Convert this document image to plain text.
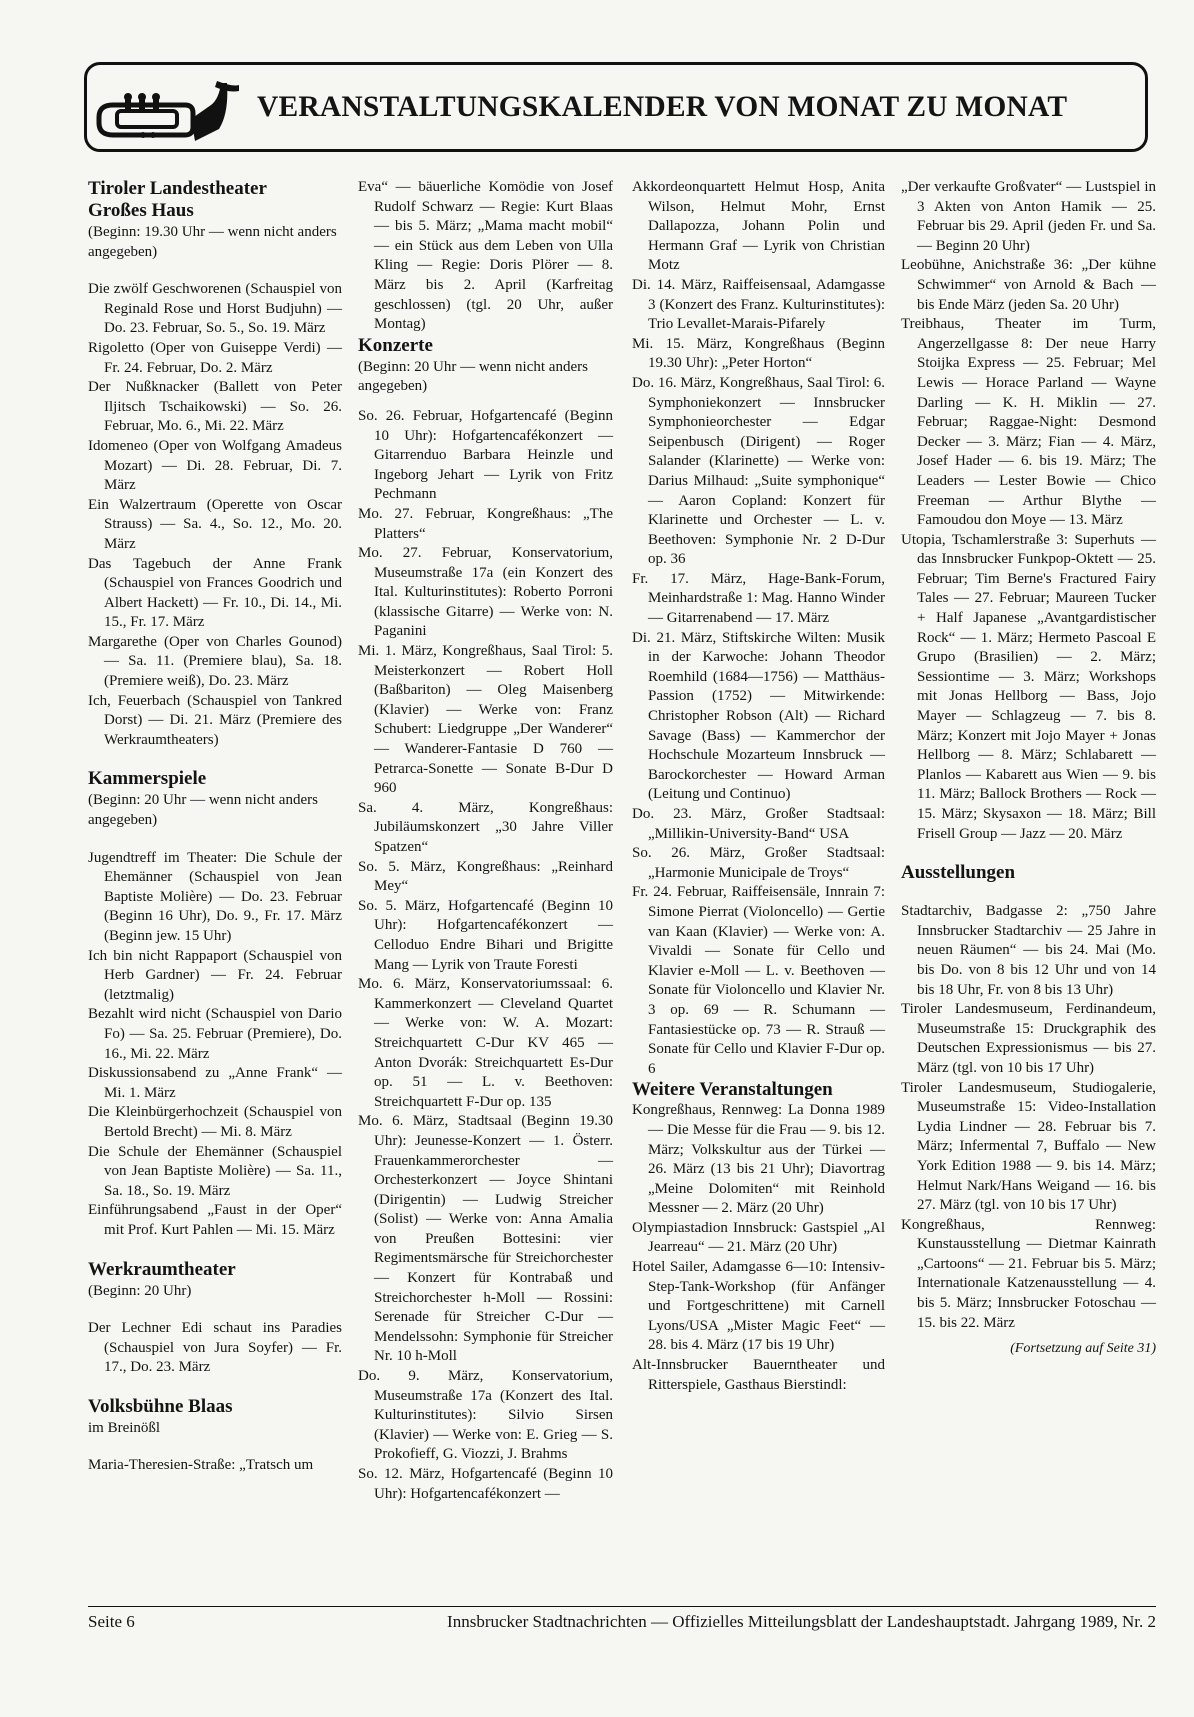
VERANSTALTUNGSKALENDER VON MONAT ZU MONAT

Tiroler Landestheater

Großes Haus

(Beginn: 19.30 Uhr — wenn nicht anders angegeben)

Die zwölf Geschworenen (Schauspiel von Reginald Rose und Horst Budjuhn) — Do. 23. Februar, So. 5., So. 19. März

Rigoletto (Oper von Guiseppe Verdi) — Fr. 24. Februar, Do. 2. März

Der Nußknacker (Ballett von Peter Iljitsch Tschaikowski) — So. 26. Februar, Mo. 6., Mi. 22. März

Idomeneo (Oper von Wolfgang Amadeus Mozart) — Di. 28. Februar, Di. 7. März

Ein Walzertraum (Operette von Oscar Strauss) — Sa. 4., So. 12., Mo. 20. März

Das Tagebuch der Anne Frank (Schauspiel von Frances Goodrich und Albert Hackett) — Fr. 10., Di. 14., Mi. 15., Fr. 17. März

Margarethe (Oper von Charles Gounod) — Sa. 11. (Premiere blau), Sa. 18. (Premiere weiß), Do. 23. März

Ich, Feuerbach (Schauspiel von Tankred Dorst) — Di. 21. März (Premiere des Werkraumtheaters)

Kammerspiele

(Beginn: 20 Uhr — wenn nicht anders angegeben)

Jugendtreff im Theater: Die Schule der Ehemänner (Schauspiel von Jean Baptiste Molière) — Do. 23. Februar (Beginn 16 Uhr), Do. 9., Fr. 17. März (Beginn jew. 15 Uhr)

Ich bin nicht Rappaport (Schauspiel von Herb Gardner) — Fr. 24. Februar (letztmalig)

Bezahlt wird nicht (Schauspiel von Dario Fo) — Sa. 25. Februar (Premiere), Do. 16., Mi. 22. März

Diskussionsabend zu „Anne Frank“ — Mi. 1. März

Die Kleinbürgerhochzeit (Schauspiel von Bertold Brecht) — Mi. 8. März

Die Schule der Ehemänner (Schauspiel von Jean Baptiste Molière) — Sa. 11., Sa. 18., So. 19. März

Einführungsabend „Faust in der Oper“ mit Prof. Kurt Pahlen — Mi. 15. März

Werkraumtheater

(Beginn: 20 Uhr)

Der Lechner Edi schaut ins Paradies (Schauspiel von Jura Soyfer) — Fr. 17., Do. 23. März

Volksbühne Blaas

im Breinößl

Maria-Theresien-Straße: „Tratsch um

Eva“ — bäuerliche Komödie von Josef Rudolf Schwarz — Regie: Kurt Blaas — bis 5. März; „Mama macht mobil“ — ein Stück aus dem Leben von Ulla Kling — Regie: Doris Plörer — 8. März bis 2. April (Karfreitag geschlossen) (tgl. 20 Uhr, außer Montag)

Konzerte

(Beginn: 20 Uhr — wenn nicht anders angegeben)

So. 26. Februar, Hofgartencafé (Beginn 10 Uhr): Hofgartencafékonzert — Gitarrenduo Barbara Heinzle und Ingeborg Jehart — Lyrik von Fritz Pechmann

Mo. 27. Februar, Kongreßhaus: „The Platters“

Mo. 27. Februar, Konservatorium, Museumstraße 17a (ein Konzert des Ital. Kulturinstitutes): Roberto Porroni (klassische Gitarre) — Werke von: N. Paganini

Mi. 1. März, Kongreßhaus, Saal Tirol: 5. Meisterkonzert — Robert Holl (Baßbariton) — Oleg Maisenberg (Klavier) — Werke von: Franz Schubert: Liedgruppe „Der Wanderer“ — Wanderer-Fantasie D 760 — Petrarca-Sonette — Sonate B-Dur D 960

Sa. 4. März, Kongreßhaus: Jubiläumskonzert „30 Jahre Viller Spatzen“

So. 5. März, Kongreßhaus: „Reinhard Mey“

So. 5. März, Hofgartencafé (Beginn 10 Uhr): Hofgartencafékonzert — Celloduo Endre Bihari und Brigitte Mang — Lyrik von Traute Foresti

Mo. 6. März, Konservatoriumssaal: 6. Kammerkonzert — Cleveland Quartet — Werke von: W. A. Mozart: Streichquartett C-Dur KV 465 — Anton Dvorák: Streichquartett Es-Dur op. 51 — L. v. Beethoven: Streichquartett F-Dur op. 135

Mo. 6. März, Stadtsaal (Beginn 19.30 Uhr): Jeunesse-Konzert — 1. Österr. Frauenkammerorchester — Orchesterkonzert — Joyce Shintani (Dirigentin) — Ludwig Streicher (Solist) — Werke von: Anna Amalia von Preußen Bottesini: vier Regimentsmärsche für Streichorchester — Konzert für Kontrabaß und Streichorchester h-Moll — Rossini: Serenade für Streicher C-Dur — Mendelssohn: Symphonie für Streicher Nr. 10 h-Moll

Do. 9. März, Konservatorium, Museumstraße 17a (Konzert des Ital. Kulturinstitutes): Silvio Sirsen (Klavier) — Werke von: E. Grieg — S. Prokofieff, G. Viozzi, J. Brahms

So. 12. März, Hofgartencafé (Beginn 10 Uhr): Hofgartencafékonzert —

Akkordeonquartett Helmut Hosp, Anita Wilson, Helmut Mohr, Ernst Dallapozza, Johann Polin und Hermann Graf — Lyrik von Christian Motz

Di. 14. März, Raiffeisensaal, Adamgasse 3 (Konzert des Franz. Kulturinstitutes): Trio Levallet-Marais-Pifarely

Mi. 15. März, Kongreßhaus (Beginn 19.30 Uhr): „Peter Horton“

Do. 16. März, Kongreßhaus, Saal Tirol: 6. Symphoniekonzert — Innsbrucker Symphonieorchester — Edgar Seipenbusch (Dirigent) — Roger Salander (Klarinette) — Werke von: Darius Milhaud: „Suite symphonique“ — Aaron Copland: Konzert für Klarinette und Orchester — L. v. Beethoven: Symphonie Nr. 2 D-Dur op. 36

Fr. 17. März, Hage-Bank-Forum, Meinhardstraße 1: Mag. Hanno Winder — Gitarrenabend — 17. März

Di. 21. März, Stiftskirche Wilten: Musik in der Karwoche: Johann Theodor Roemhild (1684—1756) — Matthäus-Passion (1752) — Mitwirkende: Christopher Robson (Alt) — Richard Savage (Bass) — Kammerchor der Hochschule Mozarteum Innsbruck — Barockorchester — Howard Arman (Leitung und Continuo)

Do. 23. März, Großer Stadtsaal: „Millikin-University-Band“ USA

So. 26. März, Großer Stadtsaal: „Harmonie Municipale de Troys“

Fr. 24. Februar, Raiffeisensäle, Innrain 7: Simone Pierrat (Violoncello) — Gertie van Kaan (Klavier) — Werke von: A. Vivaldi — Sonate für Cello und Klavier e-Moll — L. v. Beethoven — Sonate für Violoncello und Klavier Nr. 3 op. 69 — R. Schumann — Fantasiestücke op. 73 — R. Strauß — Sonate für Cello und Klavier F-Dur op. 6

Weitere Veranstaltungen

Kongreßhaus, Rennweg: La Donna 1989 — Die Messe für die Frau — 9. bis 12. März; Volkskultur aus der Türkei — 26. März (13 bis 21 Uhr); Diavortrag „Meine Dolomiten“ mit Reinhold Messner — 2. März (20 Uhr)

Olympiastadion Innsbruck: Gastspiel „Al Jearreau“ — 21. März (20 Uhr)

Hotel Sailer, Adamgasse 6—10: Intensiv-Step-Tank-Workshop (für Anfänger und Fortgeschrittene) mit Carnell Lyons/USA „Mister Magic Feet“ — 28. bis 4. März (17 bis 19 Uhr)

Alt-Innsbrucker Bauerntheater und Ritterspiele, Gasthaus Bierstindl:

„Der verkaufte Großvater“ — Lustspiel in 3 Akten von Anton Hamik — 25. Februar bis 29. April (jeden Fr. und Sa. — Beginn 20 Uhr)

Leobühne, Anichstraße 36: „Der kühne Schwimmer“ von Arnold & Bach — bis Ende März (jeden Sa. 20 Uhr)

Treibhaus, Theater im Turm, Angerzellgasse 8: Der neue Harry Stoijka Express — 25. Februar; Mel Lewis — Horace Parland — Wayne Darling — K. H. Miklin — 27. Februar; Raggae-Night: Desmond Decker — 3. März; Fian — 4. März, Josef Hader — 6. bis 19. März; The Leaders — Lester Bowie — Chico Freeman — Arthur Blythe — Famoudou don Moye — 13. März

Utopia, Tschamlerstraße 3: Superhuts — das Innsbrucker Funkpop-Oktett — 25. Februar; Tim Berne's Fractured Fairy Tales — 27. Februar; Maureen Tucker + Half Japanese „Avantgardistischer Rock“ — 1. März; Hermeto Pascoal E Grupo (Brasilien) — 2. März; Sessiontime — 3. März; Workshops mit Jonas Hellborg — Bass, Jojo Mayer — Schlagzeug — 7. bis 8. März; Konzert mit Jojo Mayer + Jonas Hellborg — 8. März; Schlabarett — Planlos — Kabarett aus Wien — 9. bis 11. März; Ballock Brothers — Rock — 15. März; Skysaxon — 18. März; Bill Frisell Group — Jazz — 20. März

Ausstellungen

Stadtarchiv, Badgasse 2: „750 Jahre Innsbrucker Stadtarchiv — 25 Jahre in neuen Räumen“ — bis 24. Mai (Mo. bis Do. von 8 bis 12 Uhr und von 14 bis 18 Uhr, Fr. von 8 bis 13 Uhr)

Tiroler Landesmuseum, Ferdinandeum, Museumstraße 15: Druckgraphik des Deutschen Expressionismus — bis 27. März (tgl. von 10 bis 17 Uhr)

Tiroler Landesmuseum, Studiogalerie, Museumstraße 15: Video-Installation Lydia Lindner — 28. Februar bis 7. März; Infermental 7, Buffalo — New York Edition 1988 — 9. bis 14. März; Helmut Nark/Hans Weigand — 16. bis 27. März (tgl. von 10 bis 17 Uhr)

Kongreßhaus, Rennweg: Kunstausstellung — Dietmar Kainrath „Cartoons“ — 21. Februar bis 5. März; Internationale Katzenausstellung — 4. bis 5. März; Innsbrucker Fotoschau — 15. bis 22. März

(Fortsetzung auf Seite 31)

Seite 6	Innsbrucker Stadtnachrichten — Offizielles Mitteilungsblatt der Landeshauptstadt. Jahrgang 1989, Nr. 2
